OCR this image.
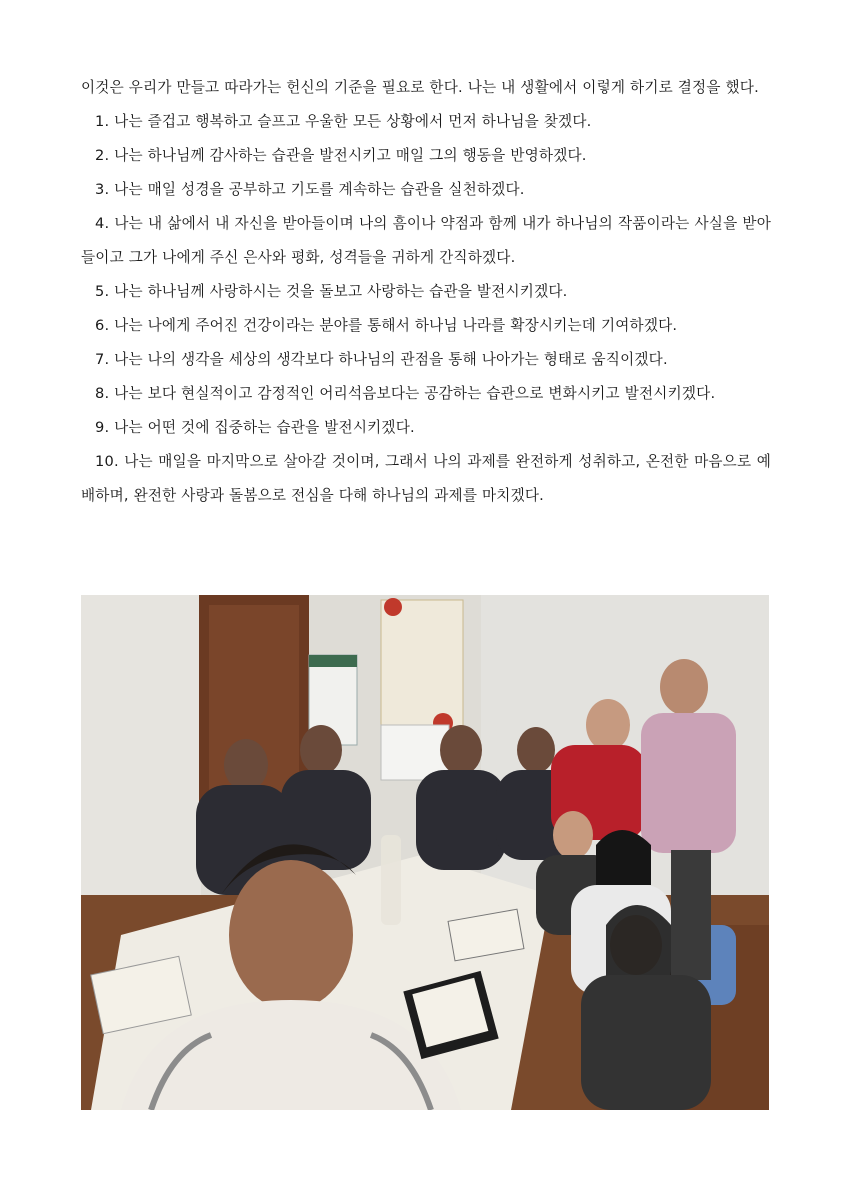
이것은 우리가 만들고 따라가는 헌신의 기준을 필요로 한다. 나는 내 생활에서 이렇게 하기로 결정을 했다.

1. 나는 즐겁고 행복하고 슬프고 우울한 모든 상황에서 먼저 하나님을 찾겠다.

2. 나는 하나님께 감사하는 습관을 발전시키고 매일 그의 행동을 반영하겠다.

3. 나는 매일 성경을 공부하고 기도를 계속하는 습관을 실천하겠다.

4. 나는 내 삶에서 내 자신을 받아들이며 나의 흠이나 약점과 함께 내가 하나님의 작품이라는 사실을 받아들이고 그가 나에게 주신 은사와 평화, 성격들을 귀하게 간직하겠다.

5. 나는 하나님께 사랑하시는 것을 돌보고 사랑하는 습관을 발전시키겠다.

6. 나는 나에게 주어진 건강이라는 분야를 통해서 하나님 나라를 확장시키는데 기여하겠다.

7. 나는 나의 생각을 세상의 생각보다 하나님의 관점을 통해 나아가는 형태로 움직이겠다.

8. 나는 보다 현실적이고 감정적인 어리석음보다는 공감하는 습관으로 변화시키고 발전시키겠다.

9. 나는 어떤 것에 집중하는 습관을 발전시키겠다.

10. 나는 매일을 마지막으로 살아갈 것이며, 그래서 나의 과제를 완전하게 성취하고, 온전한 마음으로 예배하며, 완전한 사랑과 돌봄으로 전심을 다해 하나님의 과제를 마치겠다.
